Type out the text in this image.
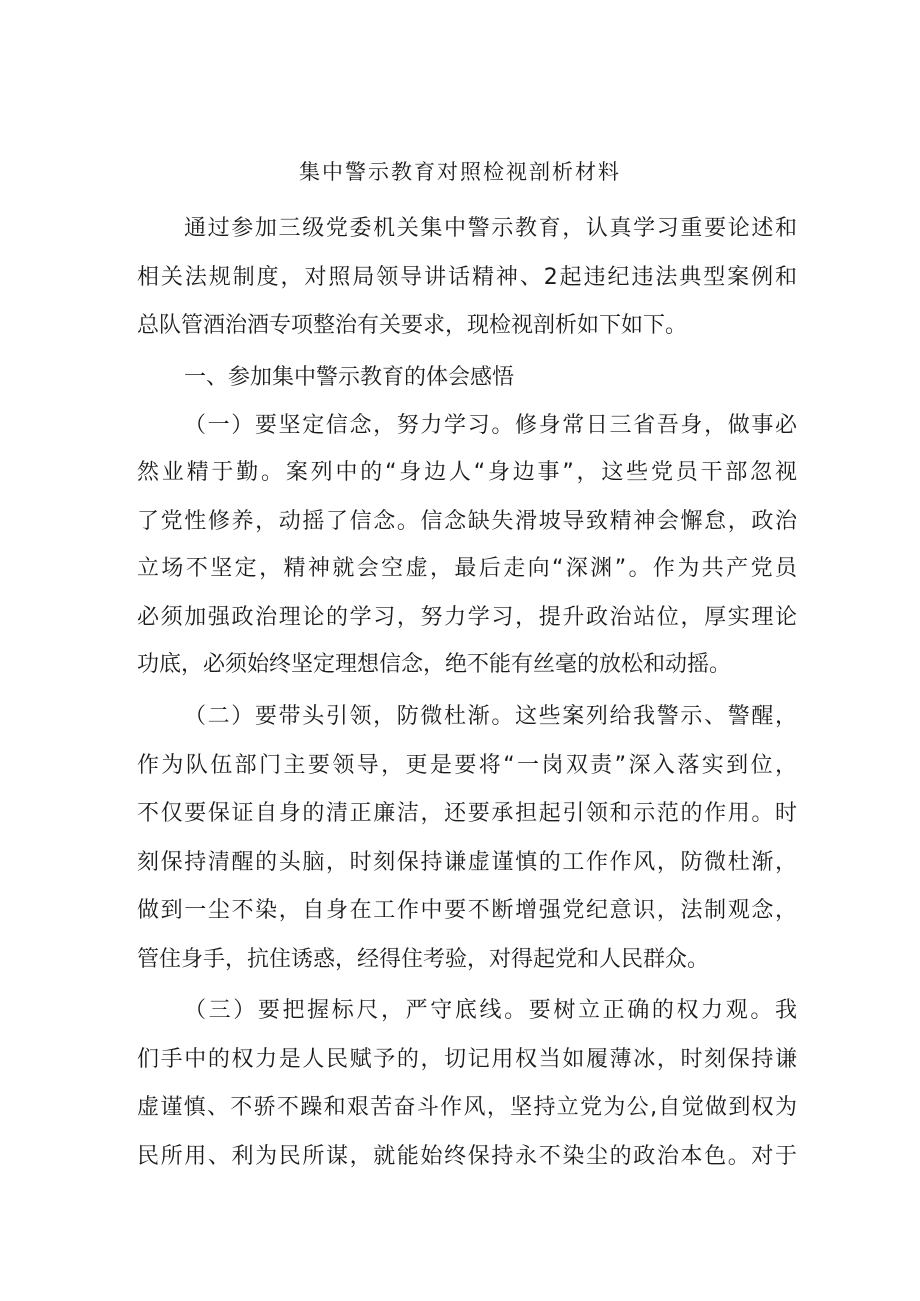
集中警示教育对照检视剖析材料
通过参加三级党委机关集中警示教育，认真学习重要论述和
相关法规制度，对照局领导讲话精神、2起违纪违法典型案例和
总队管酒治酒专项整治有关要求，现检视剖析如下如下。
一、参加集中警示教育的体会感悟
（一）要坚定信念，努力学习。修身常日三省吾身，做事必
然业精于勤。案列中的“身边人“身边事”，这些党员干部忽视
了党性修养，动摇了信念。信念缺失滑坡导致精神会懈怠，政治
立场不坚定，精神就会空虚，最后走向“深渊”。作为共产党员
必须加强政治理论的学习，努力学习，提升政治站位，厚实理论
功底，必须始终坚定理想信念，绝不能有丝毫的放松和动摇。
（二）要带头引领，防微杜渐。这些案列给我警示、警醒，
作为队伍部门主要领导，更是要将“一岗双责”深入落实到位，
不仅要保证自身的清正廉洁，还要承担起引领和示范的作用。时
刻保持清醒的头脑，时刻保持谦虚谨慎的工作作风，防微杜渐，
做到一尘不染，自身在工作中要不断增强党纪意识，法制观念，
管住身手，抗住诱惑，经得住考验，对得起党和人民群众。
（三）要把握标尺，严守底线。要树立正确的权力观。我
们手中的权力是人民赋予的，切记用权当如履薄冰，时刻保持谦
虚谨慎、不骄不躁和艰苦奋斗作风，坚持立党为公,自觉做到权为
民所用、利为民所谋，就能始终保持永不染尘的政治本色。对于
